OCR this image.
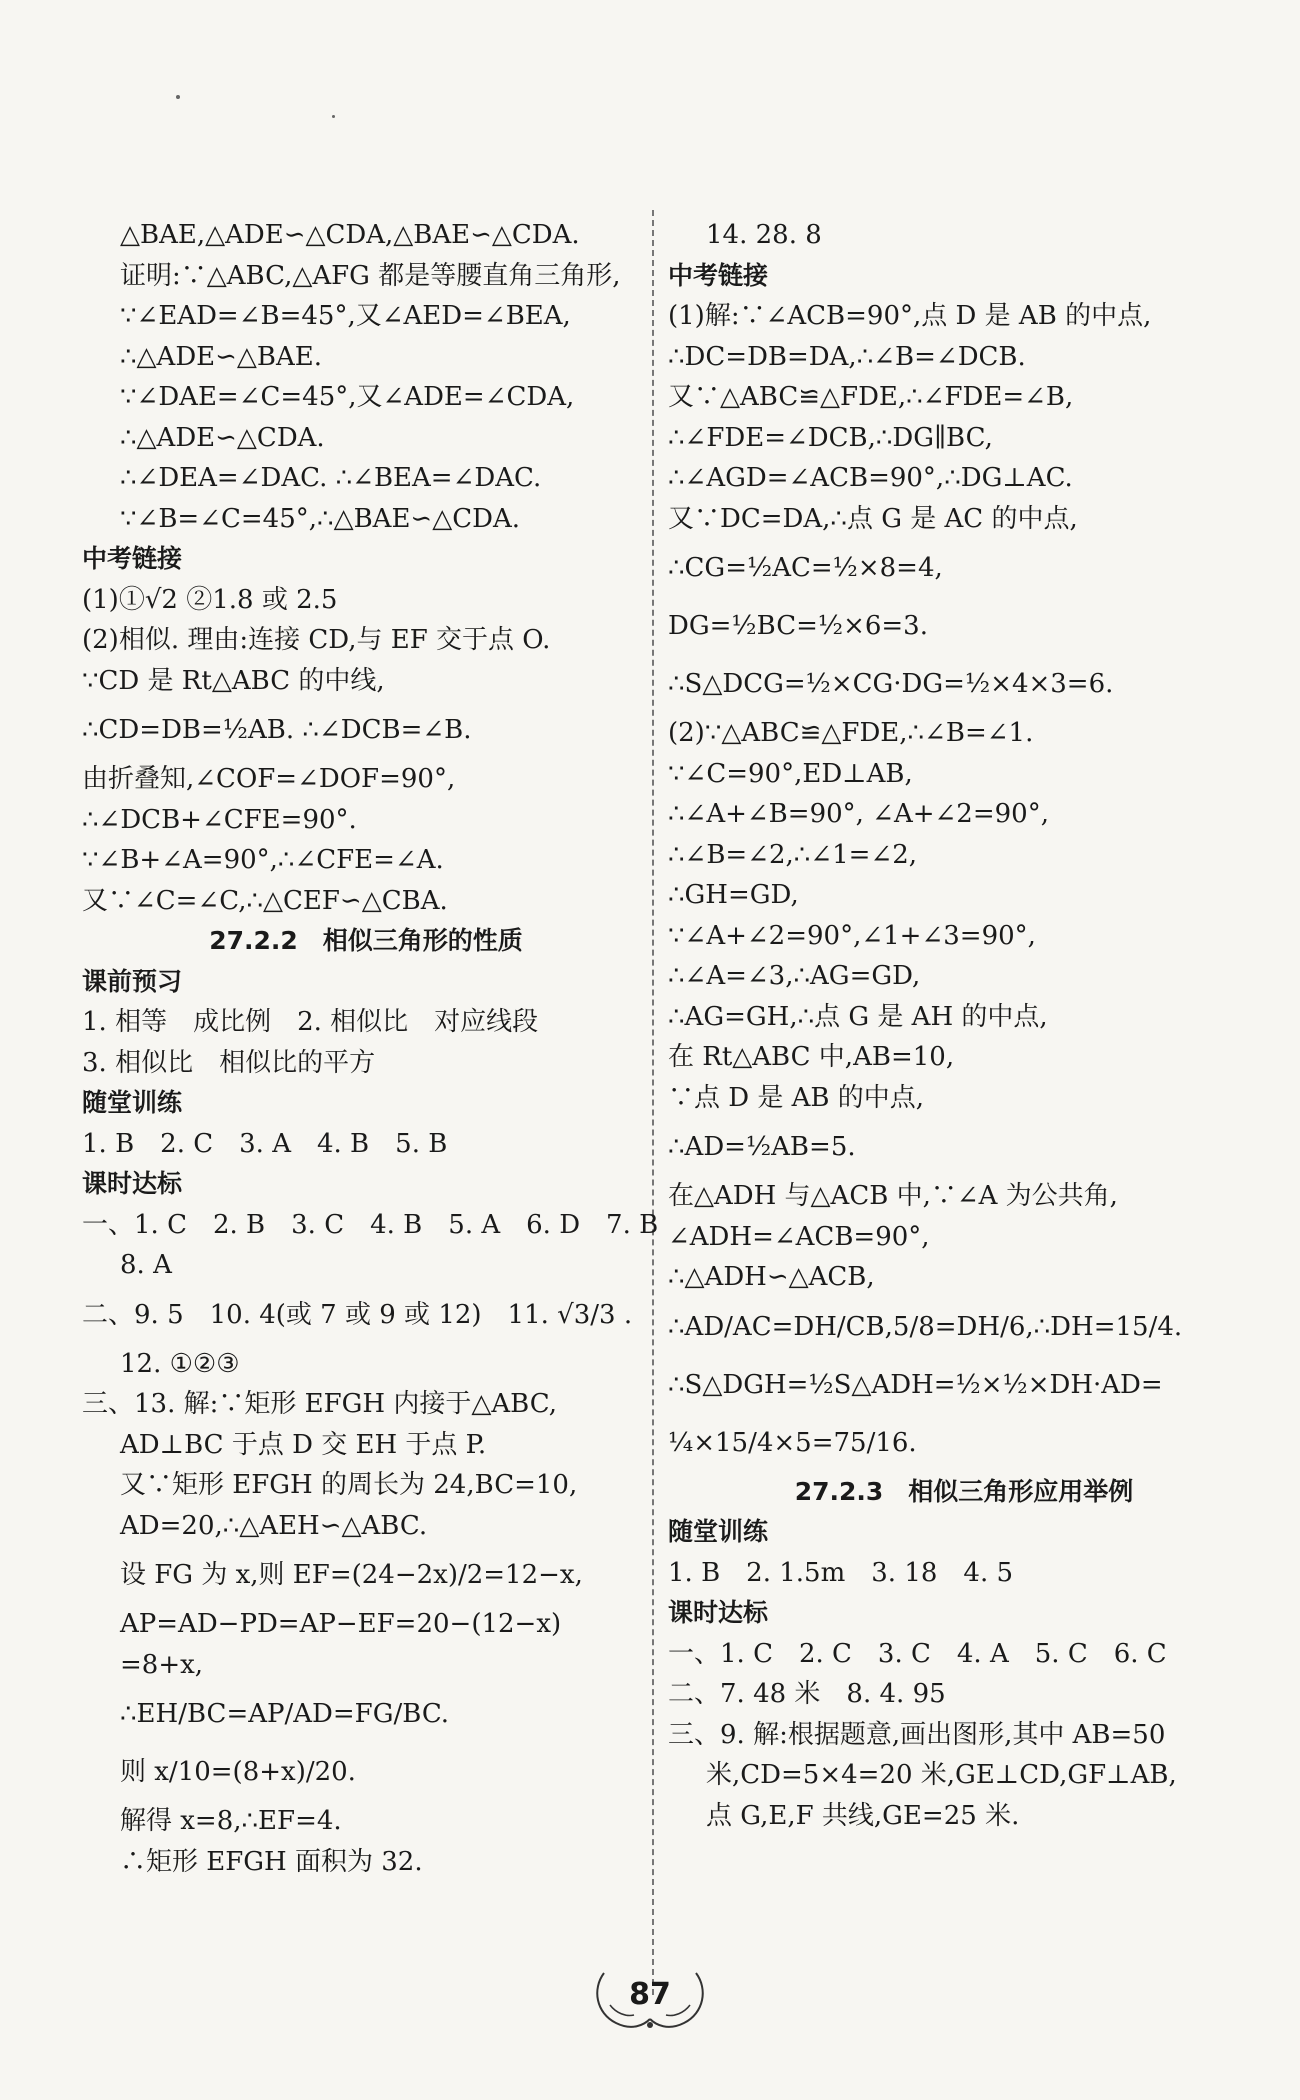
△BAE,△ADE∽△CDA,△BAE∽△CDA.
证明:∵△ABC,△AFG 都是等腰直角三角形,
∵∠EAD=∠B=45°,又∠AED=∠BEA,
∴△ADE∽△BAE.
∵∠DAE=∠C=45°,又∠ADE=∠CDA,
∴△ADE∽△CDA.
∴∠DEA=∠DAC. ∴∠BEA=∠DAC.
∵∠B=∠C=45°,∴△BAE∽△CDA.
中考链接
(1)①√2 ②1.8 或 2.5
(2)相似. 理由:连接 CD,与 EF 交于点 O.
∵CD 是 Rt△ABC 的中线,
∴CD=DB=½AB. ∴∠DCB=∠B.
由折叠知,∠COF=∠DOF=90°,
∴∠DCB+∠CFE=90°.
∵∠B+∠A=90°,∴∠CFE=∠A.
又∵∠C=∠C,∴△CEF∽△CBA.
27.2.2　相似三角形的性质
课前预习
1. 相等　成比例　2. 相似比　对应线段
3. 相似比　相似比的平方
随堂训练
1. B　2. C　3. A　4. B　5. B
课时达标
一、1. C　2. B　3. C　4. B　5. A　6. D　7. B
8. A
二、9. 5　10. 4(或 7 或 9 或 12)　11. √3/3 .
12. ①②③
三、13. 解:∵矩形 EFGH 内接于△ABC,
AD⊥BC 于点 D 交 EH 于点 P.
又∵矩形 EFGH 的周长为 24,BC=10,
AD=20,∴△AEH∽△ABC.
设 FG 为 x,则 EF=(24−2x)/2=12−x,
AP=AD−PD=AP−EF=20−(12−x)
=8+x,
∴EH/BC=AP/AD=FG/BC.
则 x/10=(8+x)/20.
解得 x=8,∴EF=4.
∴矩形 EFGH 面积为 32.
14. 28. 8
中考链接
(1)解:∵∠ACB=90°,点 D 是 AB 的中点,
∴DC=DB=DA,∴∠B=∠DCB.
又∵△ABC≌△FDE,∴∠FDE=∠B,
∴∠FDE=∠DCB,∴DG∥BC,
∴∠AGD=∠ACB=90°,∴DG⊥AC.
又∵DC=DA,∴点 G 是 AC 的中点,
∴CG=½AC=½×8=4,
DG=½BC=½×6=3.
∴S△DCG=½×CG·DG=½×4×3=6.
(2)∵△ABC≌△FDE,∴∠B=∠1.
∵∠C=90°,ED⊥AB,
∴∠A+∠B=90°, ∠A+∠2=90°,
∴∠B=∠2,∴∠1=∠2,
∴GH=GD,
∵∠A+∠2=90°,∠1+∠3=90°,
∴∠A=∠3,∴AG=GD,
∴AG=GH,∴点 G 是 AH 的中点,
在 Rt△ABC 中,AB=10,
∵点 D 是 AB 的中点,
∴AD=½AB=5.
在△ADH 与△ACB 中,∵∠A 为公共角,
∠ADH=∠ACB=90°,
∴△ADH∽△ACB,
∴AD/AC=DH/CB,5/8=DH/6,∴DH=15/4.
∴S△DGH=½S△ADH=½×½×DH·AD=
¼×15/4×5=75/16.
27.2.3　相似三角形应用举例
随堂训练
1. B　2. 1.5m　3. 18　4. 5
课时达标
一、1. C　2. C　3. C　4. A　5. C　6. C
二、7. 48 米　8. 4. 95
三、9. 解:根据题意,画出图形,其中 AB=50
米,CD=5×4=20 米,GE⊥CD,GF⊥AB,
点 G,E,F 共线,GE=25 米.
87
